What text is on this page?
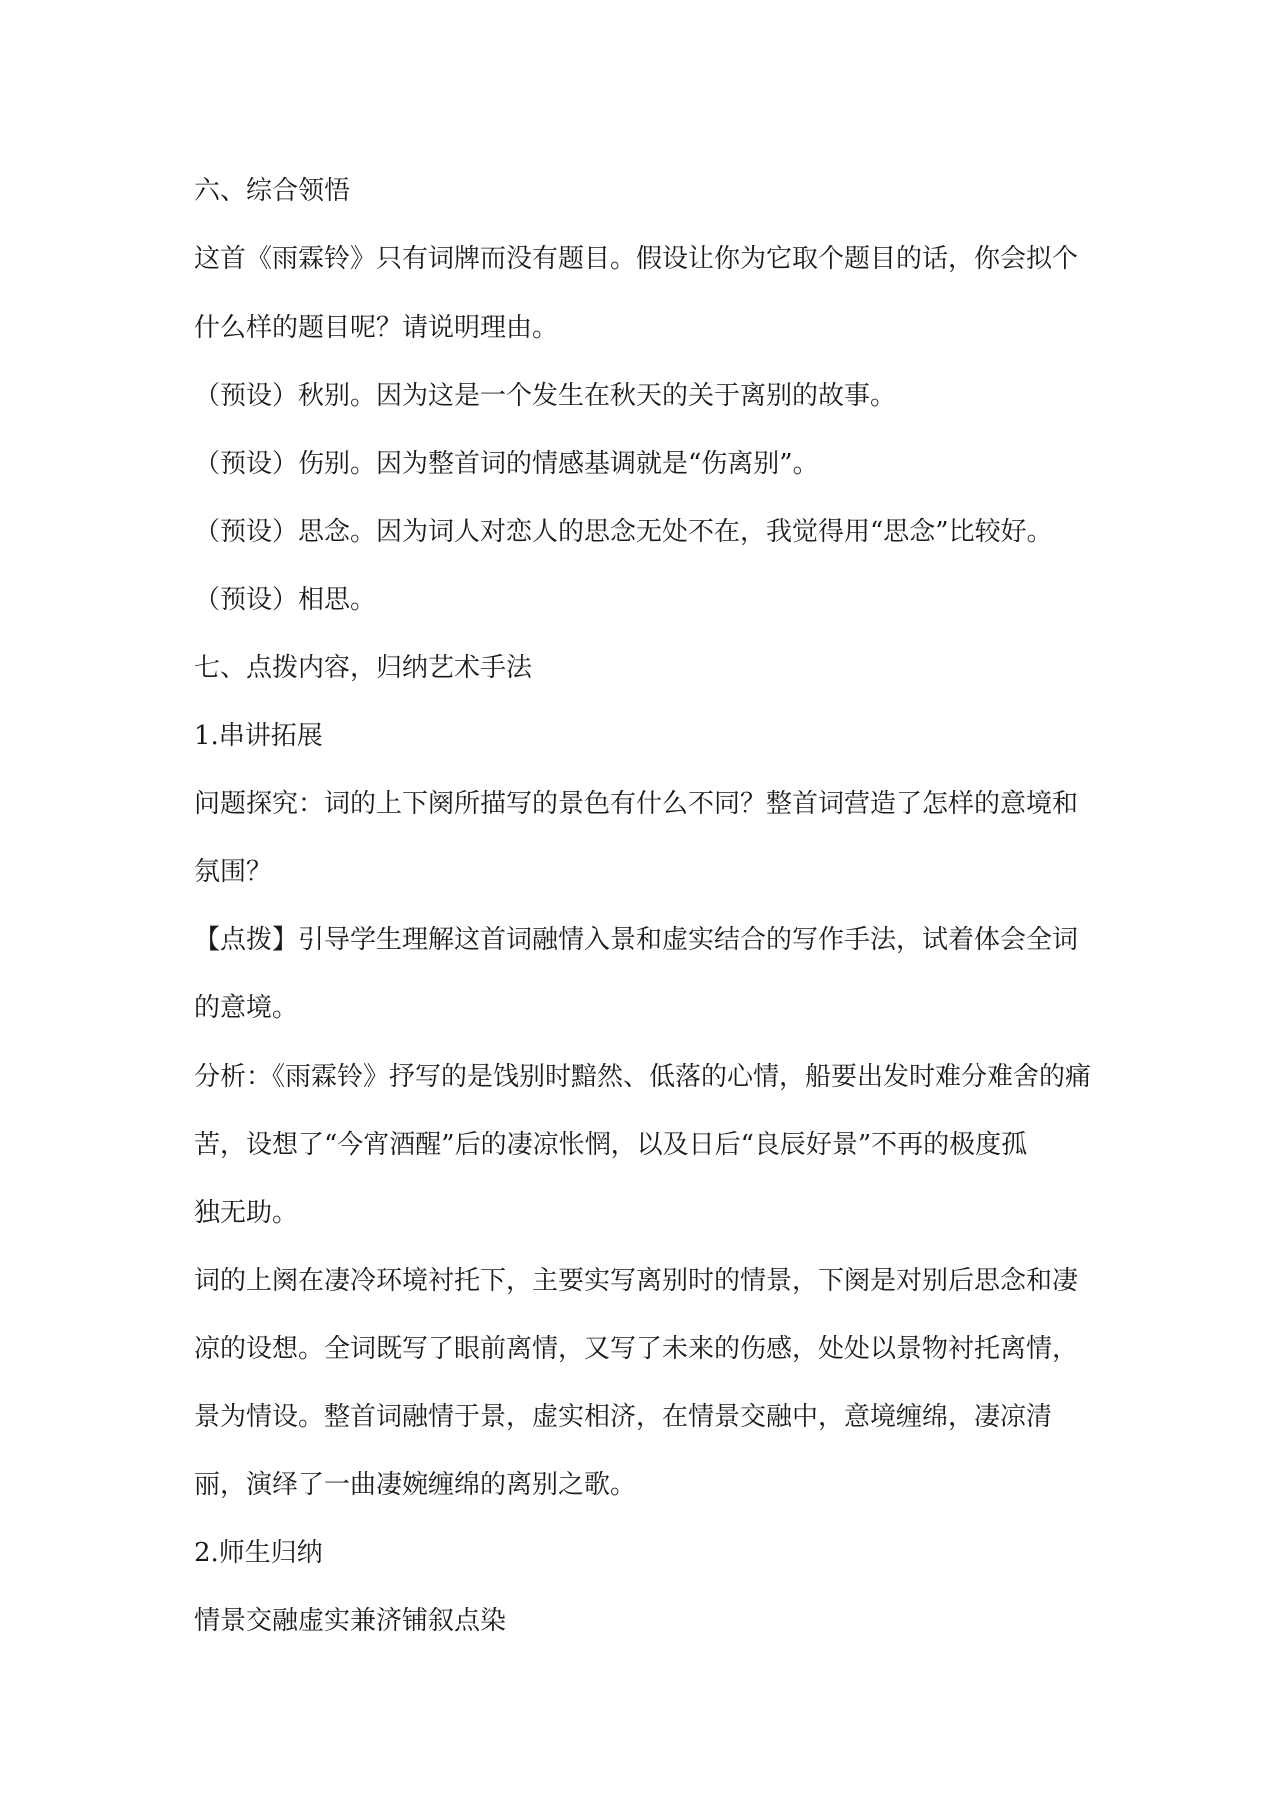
六、综合领悟
这首《雨霖铃》只有词牌而没有题目。假设让你为它取个题目的话，你会拟个
什么样的题目呢？请说明理由。
（预设）秋别。因为这是一个发生在秋天的关于离别的故事。
（预设）伤别。因为整首词的情感基调就是“伤离别”。
（预设）思念。因为词人对恋人的思念无处不在，我觉得用“思念”比较好。
（预设）相思。
七、点拨内容，归纳艺术手法
1.串讲拓展
问题探究：词的上下阕所描写的景色有什么不同？整首词营造了怎样的意境和
氛围？
【点拨】引导学生理解这首词融情入景和虚实结合的写作手法，试着体会全词
的意境。
分析：《雨霖铃》抒写的是饯别时黯然、低落的心情，船要出发时难分难舍的痛
苦，设想了“今宵酒醒”后的凄凉怅惘，以及日后“良辰好景”不再的极度孤
独无助。
词的上阕在凄冷环境衬托下，主要实写离别时的情景，下阕是对别后思念和凄
凉的设想。全词既写了眼前离情，又写了未来的伤感，处处以景物衬托离情，
景为情设。整首词融情于景，虚实相济，在情景交融中，意境缠绵，凄凉清
丽，演绎了一曲凄婉缠绵的离别之歌。
2.师生归纳
情景交融虚实兼济铺叙点染
